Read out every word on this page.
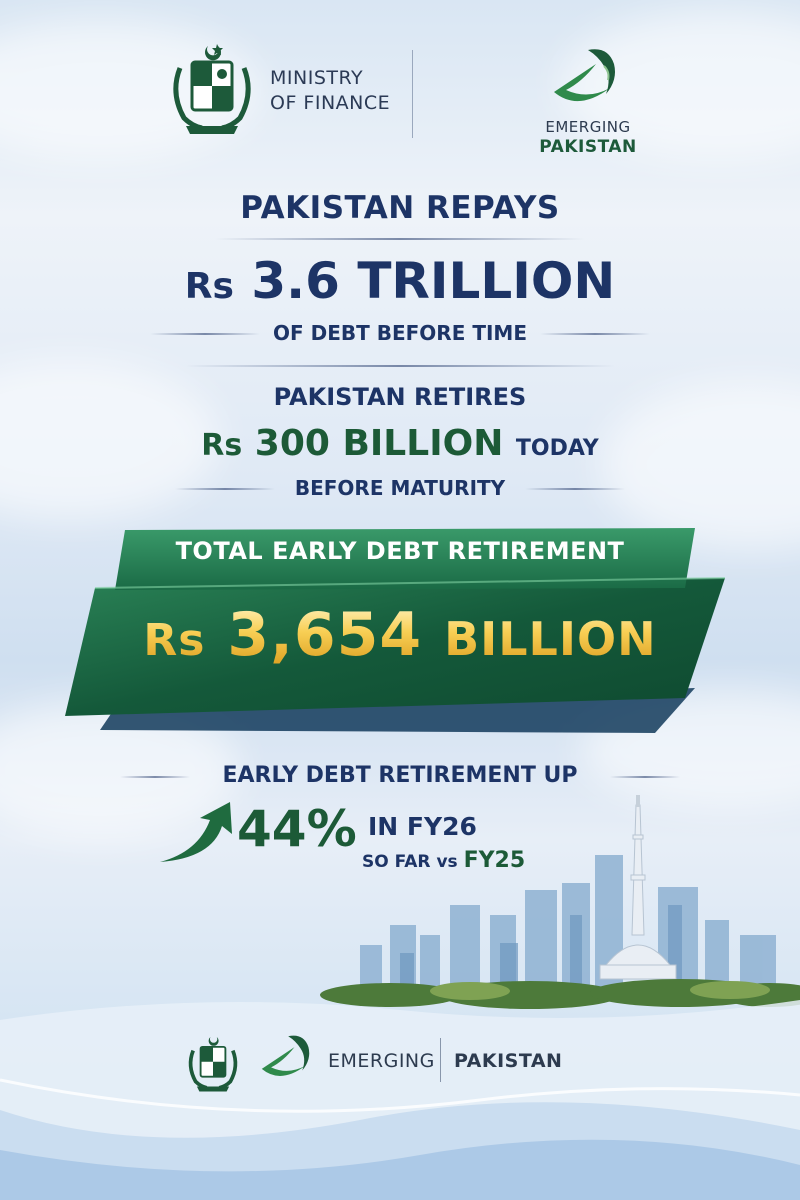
MINISTRY
OF FINANCE
EMERGING
PAKISTAN
PAKISTAN REPAYS
Rs 3.6 TRILLION
OF DEBT BEFORE TIME
PAKISTAN RETIRES
Rs 300 BILLION TODAY
BEFORE MATURITY
TOTAL EARLY DEBT RETIREMENT
Rs 3,654 BILLION
EARLY DEBT RETIREMENT UP
44% IN FY26
SO FAR vs FY25
EMERGING PAKISTAN
